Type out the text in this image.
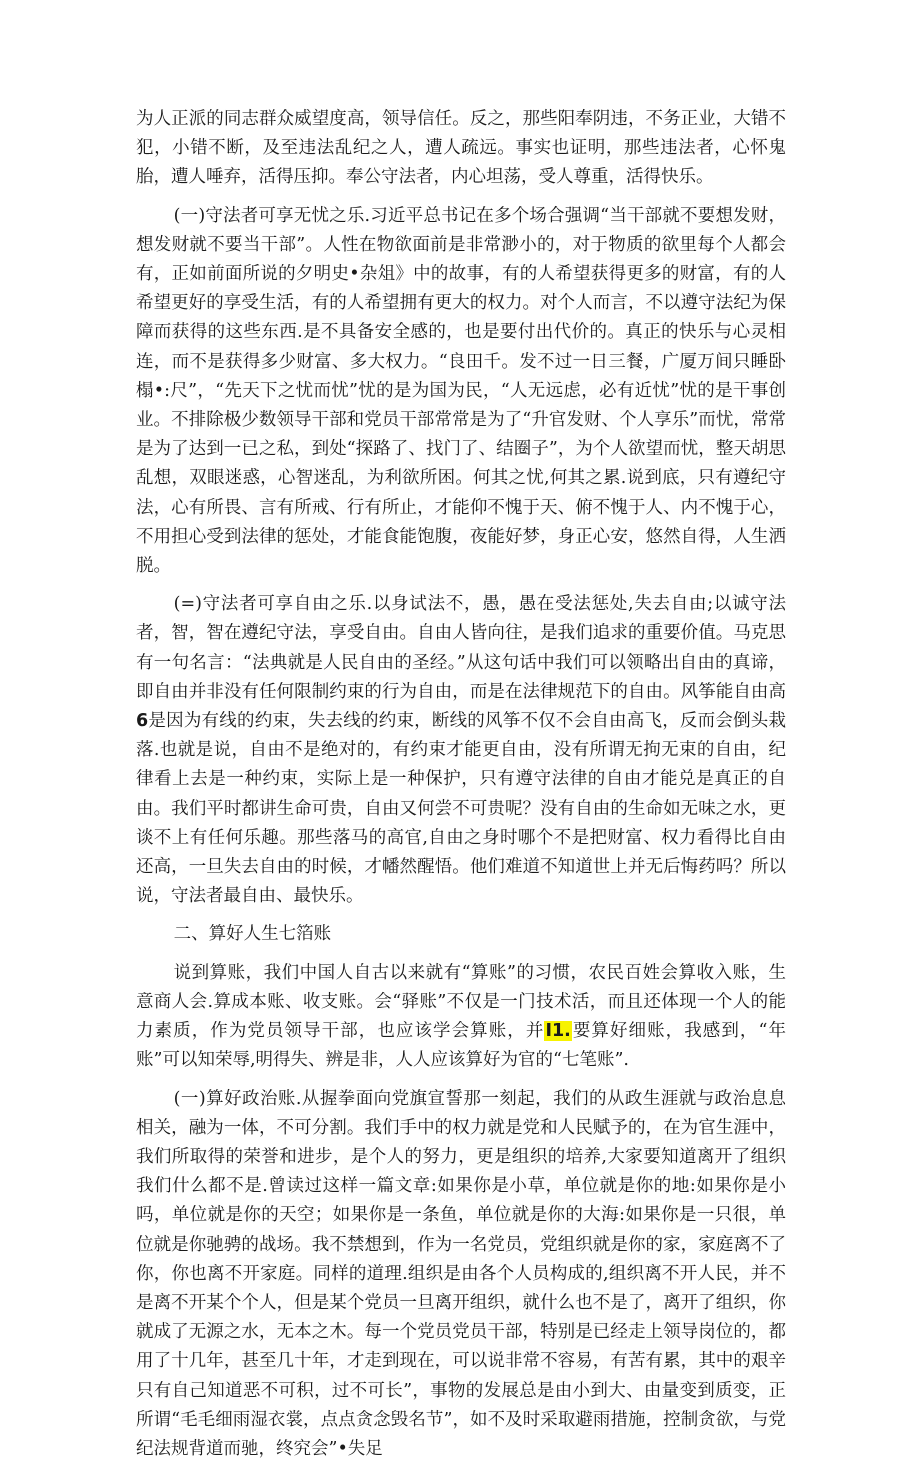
为人正派的同志群众威望度高，领导信任。反之，那些阳奉阴违，不务正业，大错不犯，小错不断，及至违法乱纪之人，遭人疏远。事实也证明，那些违法者，心怀鬼胎，遭人唾弃，活得压抑。奉公守法者，内心坦荡，受人尊重，活得快乐。

(一)守法者可享无忧之乐.习近平总书记在多个场合强调“当干部就不要想发财，想发财就不要当干部”。人性在物欲面前是非常渺小的，对于物质的欲里每个人都会有，正如前面所说的夕明史•杂俎》中的故事，有的人希望获得更多的财富，有的人希望更好的享受生活，有的人希望拥有更大的权力。对个人而言，不以遵守法纪为保障而获得的这些东西.是不具备安全感的，也是要付出代价的。真正的快乐与心灵相连，而不是获得多少财富、多大权力。“良田千。发不过一日三餐，广厦万间只睡卧榻•:尺”，“先天下之忧而忧”忧的是为国为民，“人无远虑，必有近忧”忧的是干事创业。不排除极少数领导干部和党员干部常常是为了“升官发财、个人享乐”而忧，常常是为了达到一已之私，到处“探路了、找门了、结圈子”，为个人欲望而忧，整天胡思乱想，双眼迷惑，心智迷乱，为利欲所困。何其之忧,何其之累.说到底，只有遵纪守法，心有所畏、言有所戒、行有所止，才能仰不愧于天、俯不愧于人、内不愧于心，不用担心受到法律的惩处，才能食能饱腹，夜能好梦，身正心安，悠然自得，人生洒脱。

(=)守法者可享自由之乐.以身试法不，愚，愚在受法惩处,失去自由;以诚守法者，智，智在遵纪守法，享受自由。自由人皆向往，是我们追求的重要价值。马克思有一句名言：“法典就是人民自由的圣经。”从这句话中我们可以领略出自由的真谛，即自由并非没有任何限制约束的行为自由，而是在法律规范下的自由。风筝能自由高6是因为有线的约束，失去线的约束，断线的风筝不仅不会自由高飞，反而会倒头栽落.也就是说，自由不是绝对的，有约束才能更自由，没有所谓无拘无束的自由，纪律看上去是一种约束，实际上是一种保护，只有遵守法律的自由才能兑是真正的自由。我们平时都讲生命可贵，自由又何尝不可贵呢？没有自由的生命如无味之水，更谈不上有任何乐趣。那些落马的高官,自由之身时哪个不是把财富、权力看得比自由还高，一旦失去自由的时候，才幡然醒悟。他们难道不知道世上并无后悔药吗？所以说，守法者最自由、最快乐。

二、算好人生七箔账

说到算账，我们中国人自古以来就有“算账”的习惯，农民百姓会算收入账，生意商人会.算成本账、收支账。会“驿账”不仅是一门技术活，而且还体现一个人的能力素质，作为党员领导干部，也应该学会算账，并I1.要算好细账，我感到，“年账”可以知荣辱,明得失、辨是非，人人应该算好为官的“七笔账”.

(一)算好政治账.从握拳面向党旗宣誓那一刻起，我们的从政生涯就与政治息息相关，融为一体，不可分割。我们手中的权力就是党和人民赋予的，在为官生涯中，我们所取得的荣誉和进步，是个人的努力，更是组织的培养,大家要知道离开了组织我们什么都不是.曾读过这样一篇文章:如果你是小草，单位就是你的地:如果你是小吗，单位就是你的天空；如果你是一条鱼，单位就是你的大海:如果你是一只很，单位就是你驰骋的战场。我不禁想到，作为一名党员，党组织就是你的家，家庭离不了你，你也离不开家庭。同样的道理.组织是由各个人员构成的,组织离不开人民，并不是离不开某个个人，但是某个党员一旦离开组织，就什么也不是了，离开了组织，你就成了无源之水，无本之木。每一个党员党员干部，特别是已经走上领导岗位的，都用了十几年，甚至几十年，才走到现在，可以说非常不容易，有苦有累，其中的艰辛只有自己知道恶不可积，过不可长”，事物的发展总是由小到大、由量变到质变，正所谓“毛毛细雨湿衣裳，点点贪念毁名节”，如不及时采取避雨措施，控制贪欲，与党纪法规背道而驰，终究会”•失足
